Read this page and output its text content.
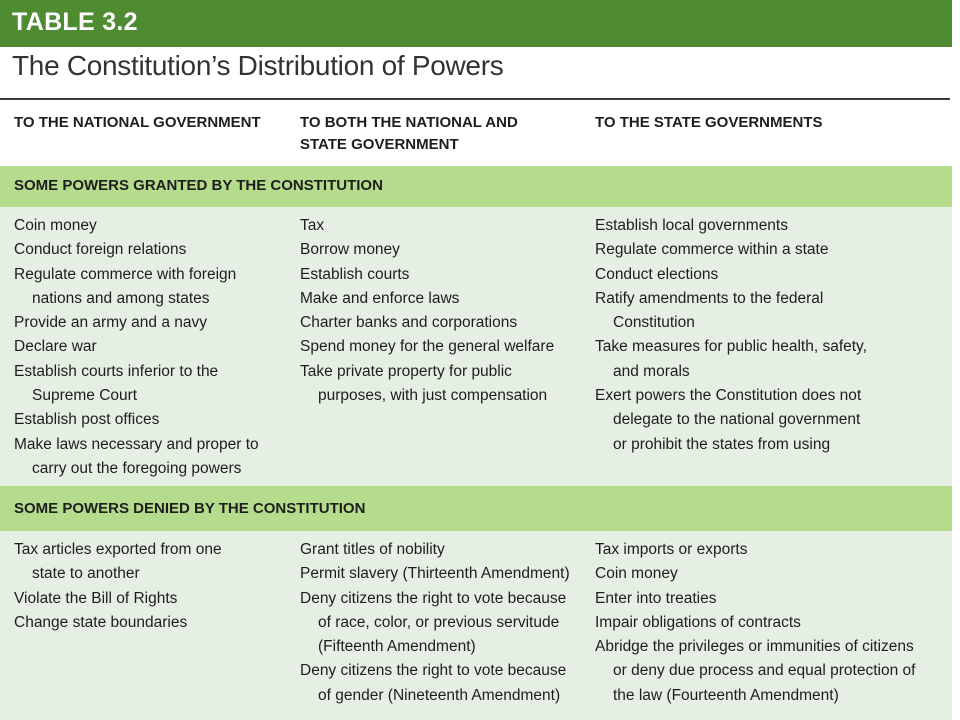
TABLE 3.2
The Constitution’s Distribution of Powers
TO THE NATIONAL GOVERNMENT	TO BOTH THE NATIONAL AND STATE GOVERNMENT
TO THE STATE GOVERNMENTS
SOME POWERS GRANTED BY THE CONSTITUTION
Coin money
Conduct foreign relations
Regulate commerce with foreign nations and among states
Provide an army and a navy
Declare war
Establish courts inferior to the Supreme Court
Establish post offices
Make laws necessary and proper to carry out the foregoing powers
Tax
Borrow money
Establish courts
Make and enforce laws
Charter banks and corporations
Spend money for the general welfare
Take private property for public purposes, with just compensation
Establish local governments
Regulate commerce within a state
Conduct elections
Ratify amendments to the federal Constitution
Take measures for public health, safety, and morals
Exert powers the Constitution does not delegate to the national government or prohibit the states from using
SOME POWERS DENIED BY THE CONSTITUTION
Tax articles exported from one state to another
Violate the Bill of Rights
Change state boundaries
Grant titles of nobility
Permit slavery (Thirteenth Amendment)
Deny citizens the right to vote because of race, color, or previous servitude (Fifteenth Amendment)
Deny citizens the right to vote because of gender (Nineteenth Amendment)
Tax imports or exports
Coin money
Enter into treaties
Impair obligations of contracts
Abridge the privileges or immunities of citizens or deny due process and equal protection of the law (Fourteenth Amendment)
